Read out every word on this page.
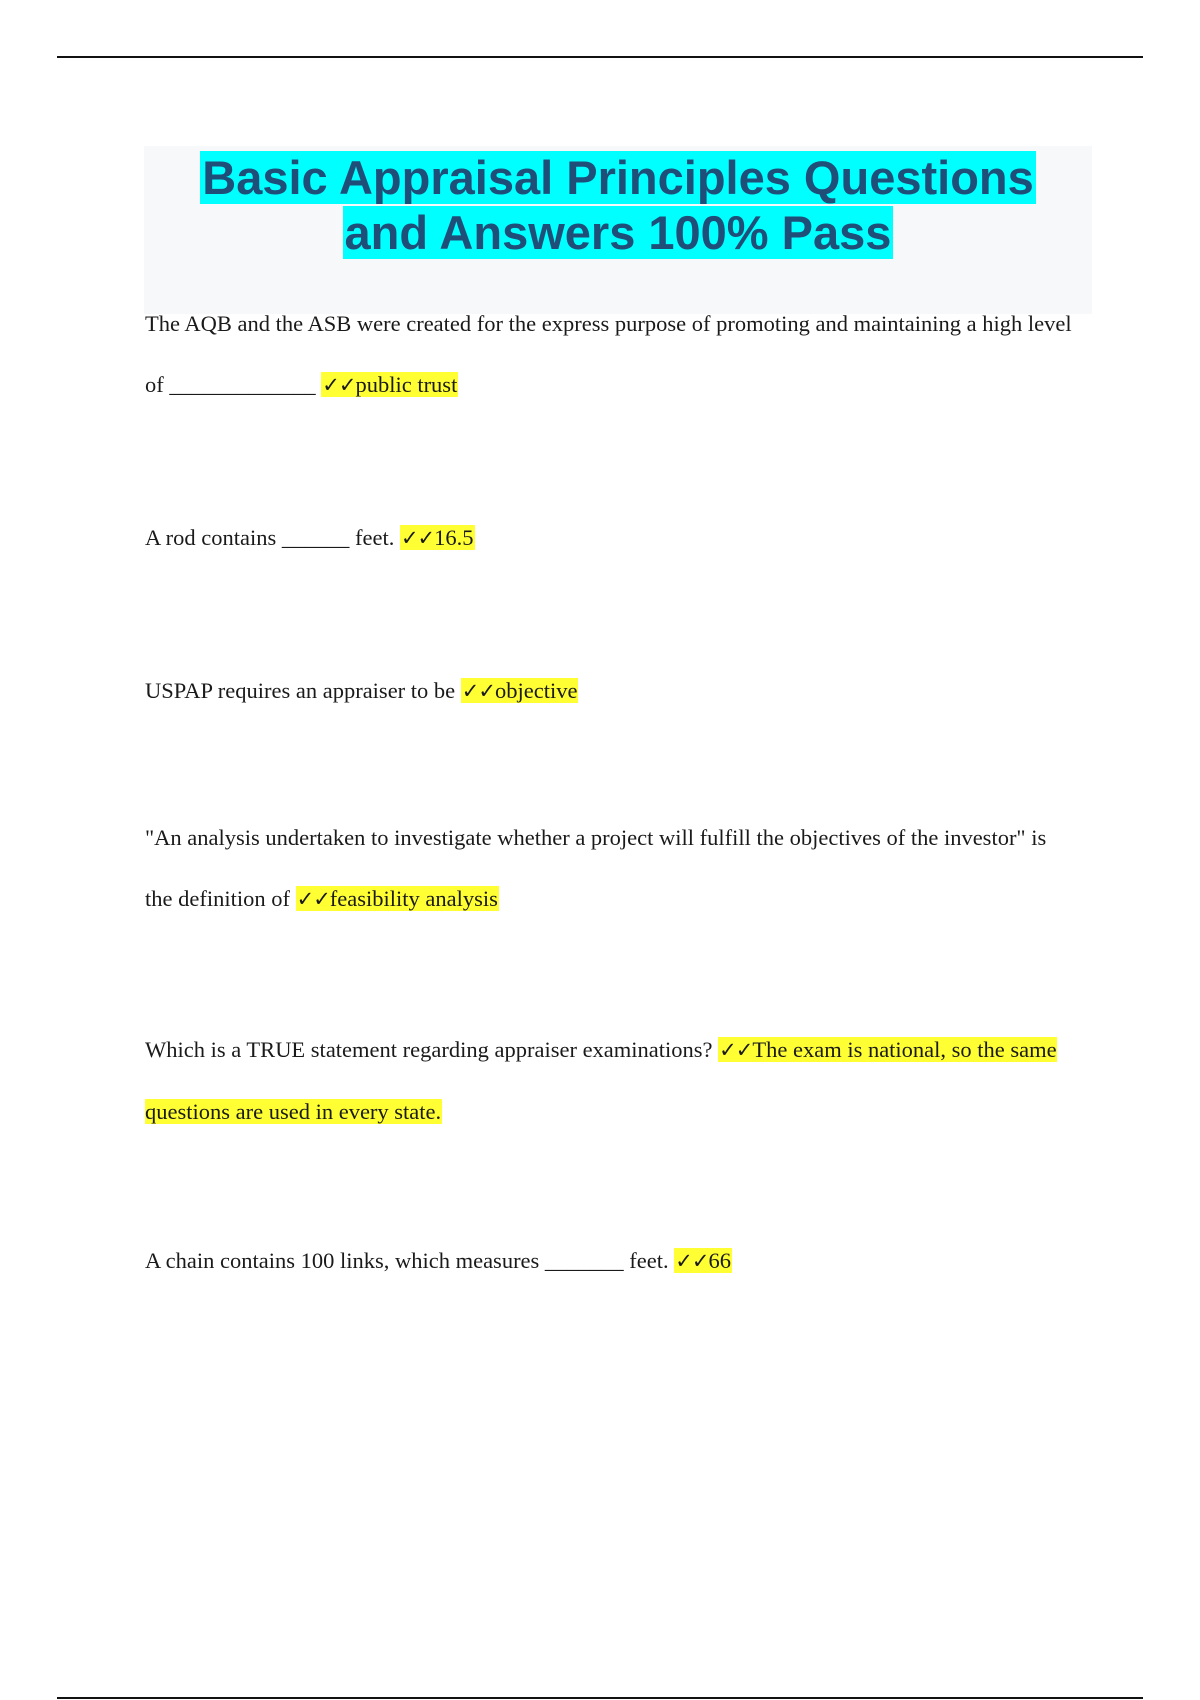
Basic Appraisal Principles Questions
and Answers 100% Pass

The AQB and the ASB were created for the express purpose of promoting and maintaining a high level of _____________ ✓✓public trust

A rod contains ______ feet. ✓✓16.5

USPAP requires an appraiser to be ✓✓objective

"An analysis undertaken to investigate whether a project will fulfill the objectives of the investor" is the definition of ✓✓feasibility analysis

Which is a TRUE statement regarding appraiser examinations? ✓✓The exam is national, so the same questions are used in every state.

A chain contains 100 links, which measures _______ feet. ✓✓66
